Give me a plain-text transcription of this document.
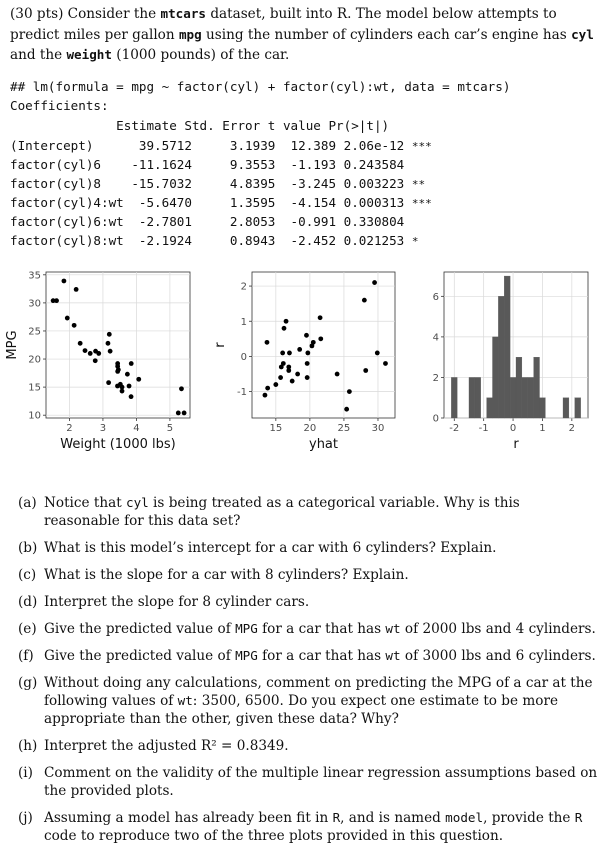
(30 pts) Consider the mtcars dataset, built into R. The model below attempts to predict miles per gallon mpg using the number of cylinders each car’s engine has cyl and the weight (1000 pounds) of the car.
## lm(formula = mpg ~ factor(cyl) + factor(cyl):wt, data = mtcars)
Coefficients:
Estimate Std. Error t value Pr(>|t|)
(Intercept)      39.5712     3.1939  12.389 2.06e-12 ***
factor(cyl)6    -11.1624     9.3553  -1.193 0.243584
factor(cyl)8    -15.7032     4.8395  -3.245 0.003223 **
factor(cyl)4:wt  -5.6470     1.3595  -4.154 0.000313 ***
factor(cyl)6:wt  -2.7801     2.8053  -0.991 0.330804
factor(cyl)8:wt  -2.1924     0.8943  -2.452 0.021253 *
2	3	4	5
10
15
20
25
30
35
Weight (1000 lbs)
MPG
15 20 25 30
-1
0
1
2
yhat
r
-2 -1 0 1 2
0
2
4
6
r
(a) Notice that cyl is being treated as a categorical variable. Why is this reasonable for this data set?
(b) What is this model’s intercept for a car with 6 cylinders? Explain.
(c) What is the slope for a car with 8 cylinders? Explain.
(d) Interpret the slope for 8 cylinder cars.
(e) Give the predicted value of MPG for a car that has wt of 2000 lbs and 4 cylinders.
(f) Give the predicted value of MPG for a car that has wt of 3000 lbs and 6 cylinders.
(g) Without doing any calculations, comment on predicting the MPG of a car at the following values of wt: 3500, 6500. Do you expect one estimate to be more appropriate than the other, given these data? Why?
(h) Interpret the adjusted R² = 0.8349.
(i) Comment on the validity of the multiple linear regression assumptions based on the provided plots.
(j) Assuming a model has already been fit in R, and is named model, provide the R code to reproduce two of the three plots provided in this question.
